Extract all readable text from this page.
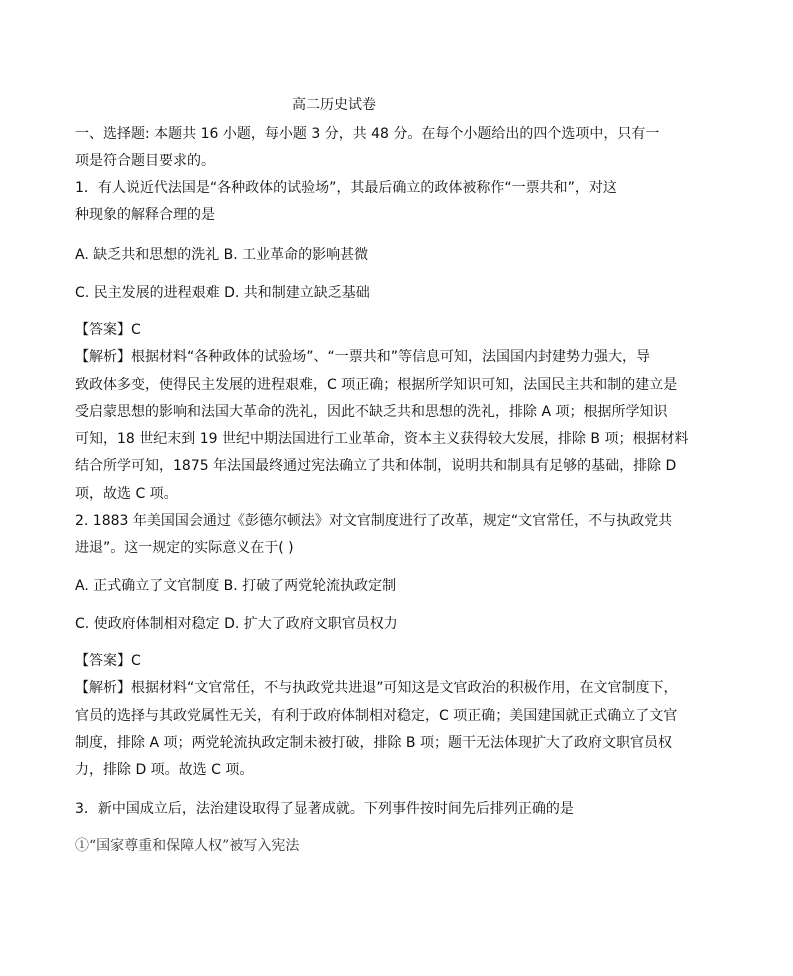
高二历史试卷
一、选择题: 本题共 16 小题，每小题 3 分，共 48 分。在每个小题给出的四个选项中，只有一
项是符合题目要求的。
1．有人说近代法国是“各种政体的试验场”，其最后确立的政体被称作“一票共和”，对这
种现象的解释合理的是
A. 缺乏共和思想的洗礼 B. 工业革命的影响甚微
C. 民主发展的进程艰难 D. 共和制建立缺乏基础
【答案】C
【解析】根据材料“各种政体的试验场”、“一票共和”等信息可知，法国国内封建势力强大，导
致政体多变，使得民主发展的进程艰难，C 项正确；根据所学知识可知，法国民主共和制的建立是
受启蒙思想的影响和法国大革命的洗礼，因此不缺乏共和思想的洗礼，排除 A 项；根据所学知识
可知，18 世纪末到 19 世纪中期法国进行工业革命，资本主义获得较大发展，排除 B 项；根据材料
结合所学可知，1875 年法国最终通过宪法确立了共和体制，说明共和制具有足够的基础，排除 D
项，故选 C 项。
2. 1883 年美国国会通过《彭德尔顿法》对文官制度进行了改革，规定“文官常任，不与执政党共
进退”。这一规定的实际意义在于( )
A. 正式确立了文官制度 B. 打破了两党轮流执政定制
C. 使政府体制相对稳定 D. 扩大了政府文职官员权力
【答案】C
【解析】根据材料“文官常任，不与执政党共进退”可知这是文官政治的积极作用，在文官制度下，
官员的选择与其政党属性无关，有利于政府体制相对稳定，C 项正确；美国建国就正式确立了文官
制度，排除 A 项；两党轮流执政定制未被打破，排除 B 项；题干无法体现扩大了政府文职官员权
力，排除 D 项。故选 C 项。
3．新中国成立后，法治建设取得了显著成就。下列事件按时间先后排列正确的是
①“国家尊重和保障人权”被写入宪法
